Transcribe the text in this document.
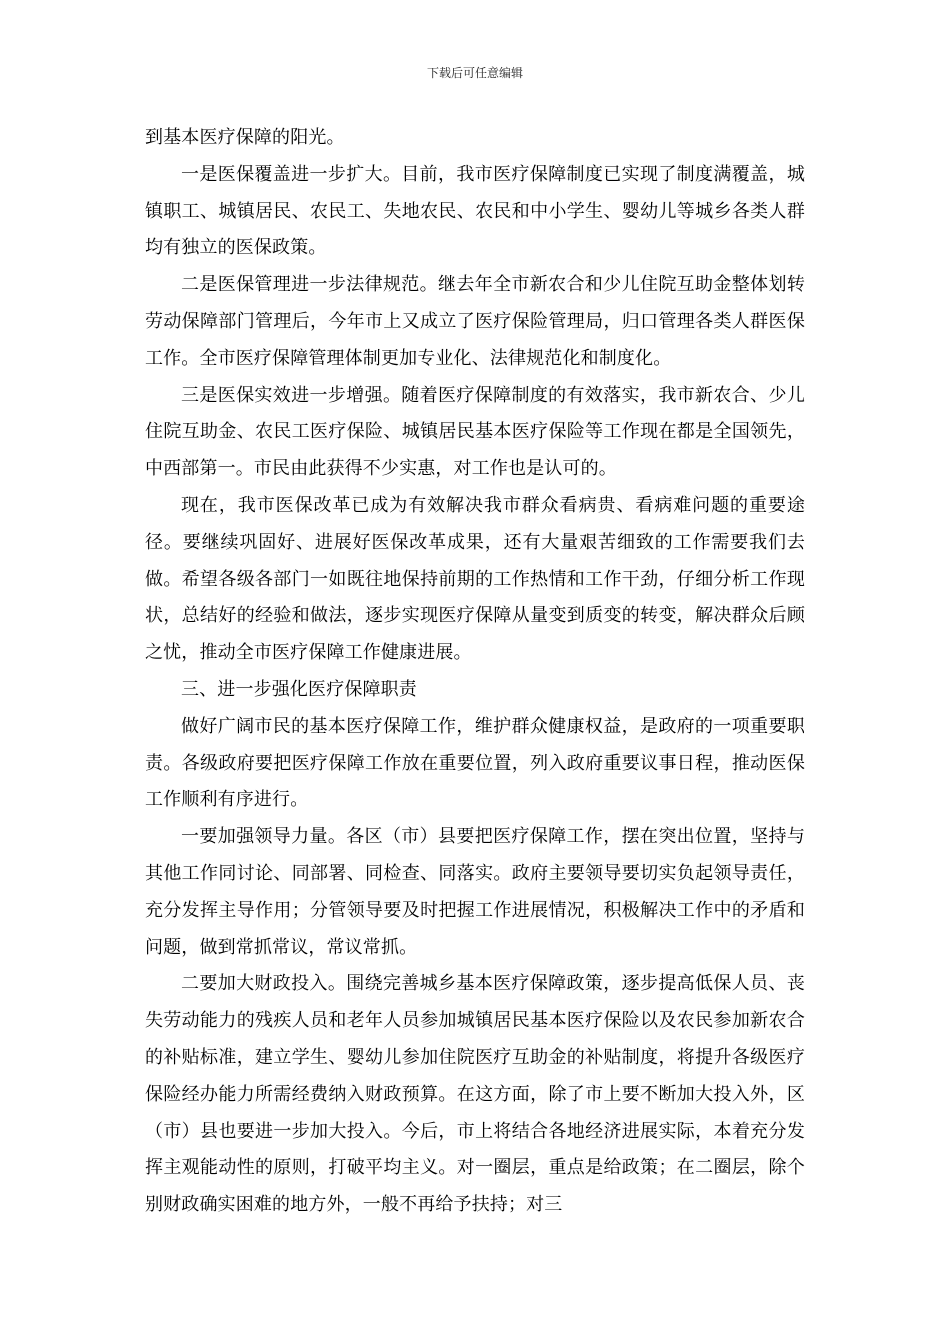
下载后可任意编辑

到基本医疗保障的阳光。

一是医保覆盖进一步扩大。目前，我市医疗保障制度已实现了制度满覆盖，城镇职工、城镇居民、农民工、失地农民、农民和中小学生、婴幼儿等城乡各类人群均有独立的医保政策。

二是医保管理进一步法律规范。继去年全市新农合和少儿住院互助金整体划转劳动保障部门管理后，今年市上又成立了医疗保险管理局，归口管理各类人群医保工作。全市医疗保障管理体制更加专业化、法律规范化和制度化。

三是医保实效进一步增强。随着医疗保障制度的有效落实，我市新农合、少儿住院互助金、农民工医疗保险、城镇居民基本医疗保险等工作现在都是全国领先，中西部第一。市民由此获得不少实惠，对工作也是认可的。

现在，我市医保改革已成为有效解决我市群众看病贵、看病难问题的重要途径。要继续巩固好、进展好医保改革成果，还有大量艰苦细致的工作需要我们去做。希望各级各部门一如既往地保持前期的工作热情和工作干劲，仔细分析工作现状，总结好的经验和做法，逐步实现医疗保障从量变到质变的转变，解决群众后顾之忧，推动全市医疗保障工作健康进展。

三、进一步强化医疗保障职责

做好广阔市民的基本医疗保障工作，维护群众健康权益，是政府的一项重要职责。各级政府要把医疗保障工作放在重要位置，列入政府重要议事日程，推动医保工作顺利有序进行。

一要加强领导力量。各区（市）县要把医疗保障工作，摆在突出位置，坚持与其他工作同讨论、同部署、同检查、同落实。政府主要领导要切实负起领导责任，充分发挥主导作用；分管领导要及时把握工作进展情况，积极解决工作中的矛盾和问题，做到常抓常议，常议常抓。

二要加大财政投入。围绕完善城乡基本医疗保障政策，逐步提高低保人员、丧失劳动能力的残疾人员和老年人员参加城镇居民基本医疗保险以及农民参加新农合的补贴标准，建立学生、婴幼儿参加住院医疗互助金的补贴制度，将提升各级医疗保险经办能力所需经费纳入财政预算。在这方面，除了市上要不断加大投入外，区（市）县也要进一步加大投入。今后，市上将结合各地经济进展实际，本着充分发挥主观能动性的原则，打破平均主义。对一圈层，重点是给政策；在二圈层，除个别财政确实困难的地方外，一般不再给予扶持；对三
